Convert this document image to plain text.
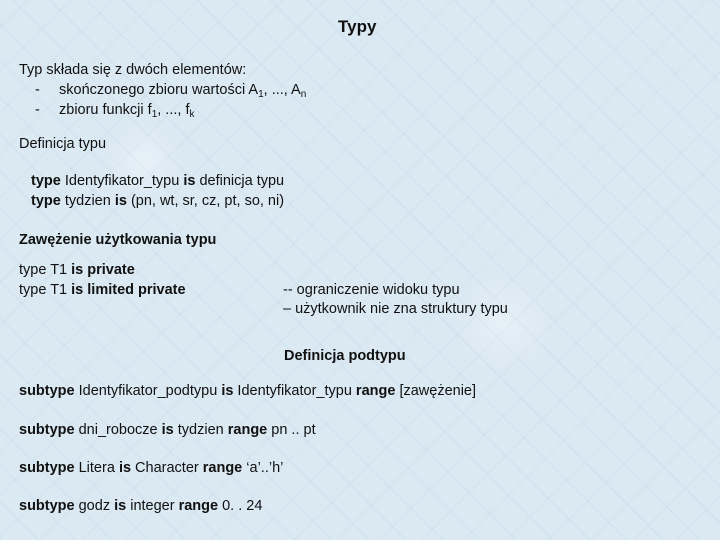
Typy
Typ składa się z dwóch elementów:
- skończonego zbioru wartości $A_1$, ..., $A_n$
- zbioru funkcji $f_1$, ..., $f_k$
Definicja typu
type Identyfikator_typu is definicja typu
type tydzien is (pn, wt, sr, cz, pt, so, ni)
Zawężenie użytkowania typu
type T1 is private
type T1 is limited private	-- ograniczenie widoku typu
– użytkownik nie zna struktury typu
Definicja podtypu
subtype Identyfikator_podtypu is Identyfikator_typu range [zawężenie]
subtype dni_robocze is tydzien range pn .. pt
subtype Litera is Character range ‘a’..’h’
subtype godz is integer range 0. . 24
